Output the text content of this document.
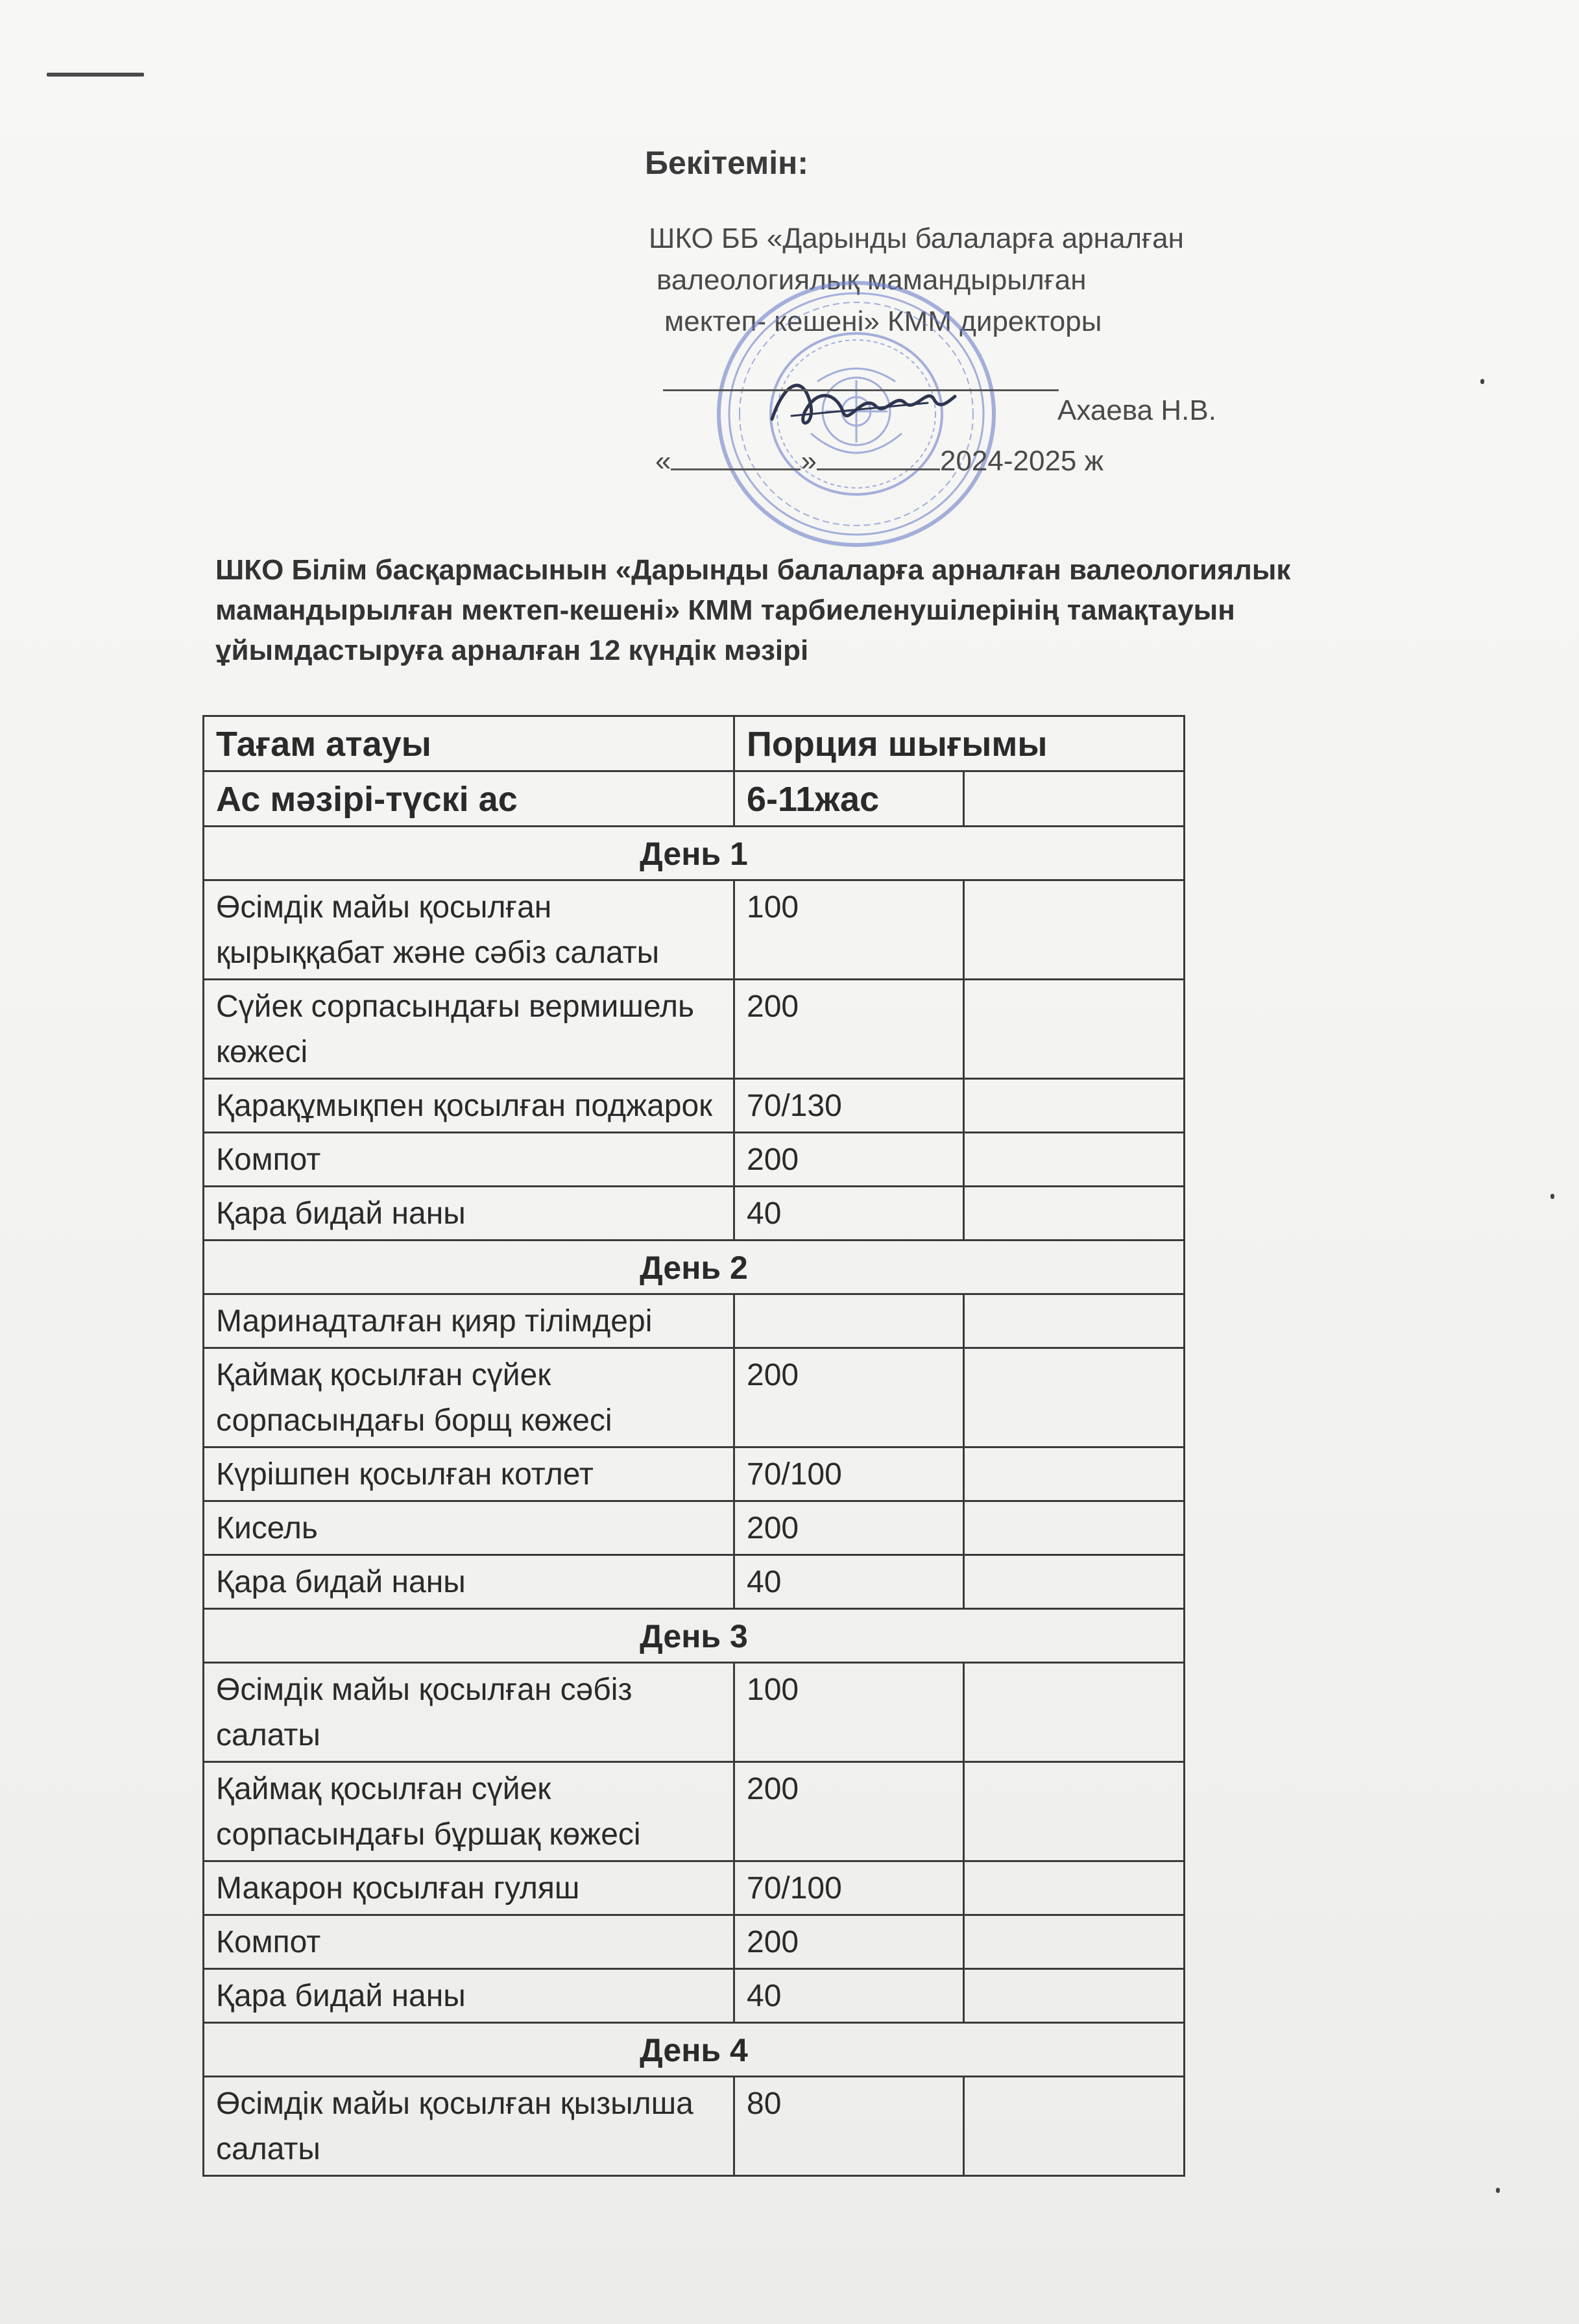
Бекітемін:
ШКО ББ «Дарынды балаларға арналған
валеологиялық мамандырылған
мектеп- кешені» КММ директоры
Ахаева Н.В.
«	»	2024-2025 ж
ШКО Білім басқармасынын «Дарынды балаларға арналған валеологиялык мамандырылған мектеп-кешені» КММ тарбиеленушілерінің тамақтауын ұйымдастыруға арналған 12 күндік мәзірі
Тағам атауы	Порция шығымы	
Ас мәзірі-түскі ас	6-11жас	
День 1		
Өсімдік майы қосылған қырыққабат және сәбіз салаты	100	
Сүйек сорпасындағы вермишель көжесі	200	
Қарақұмықпен қосылған поджарок	70/130	
Компот	200	
Қара бидай наны	40	
День 2		
Маринадталған қияр тілімдері		
Қаймақ қосылған сүйек сорпасындағы борщ көжесі	200	
Күрішпен қосылған котлет	70/100	
Кисель	200	
Қара бидай наны	40	
День 3		
Өсімдік майы қосылған сәбіз салаты	100	
Қаймақ қосылған сүйек сорпасындағы бұршақ көжесі	200	
Макарон қосылған гуляш	70/100	
Компот	200	
Қара бидай наны	40	
День 4		
Өсімдік майы қосылған қызылша салаты	80	
